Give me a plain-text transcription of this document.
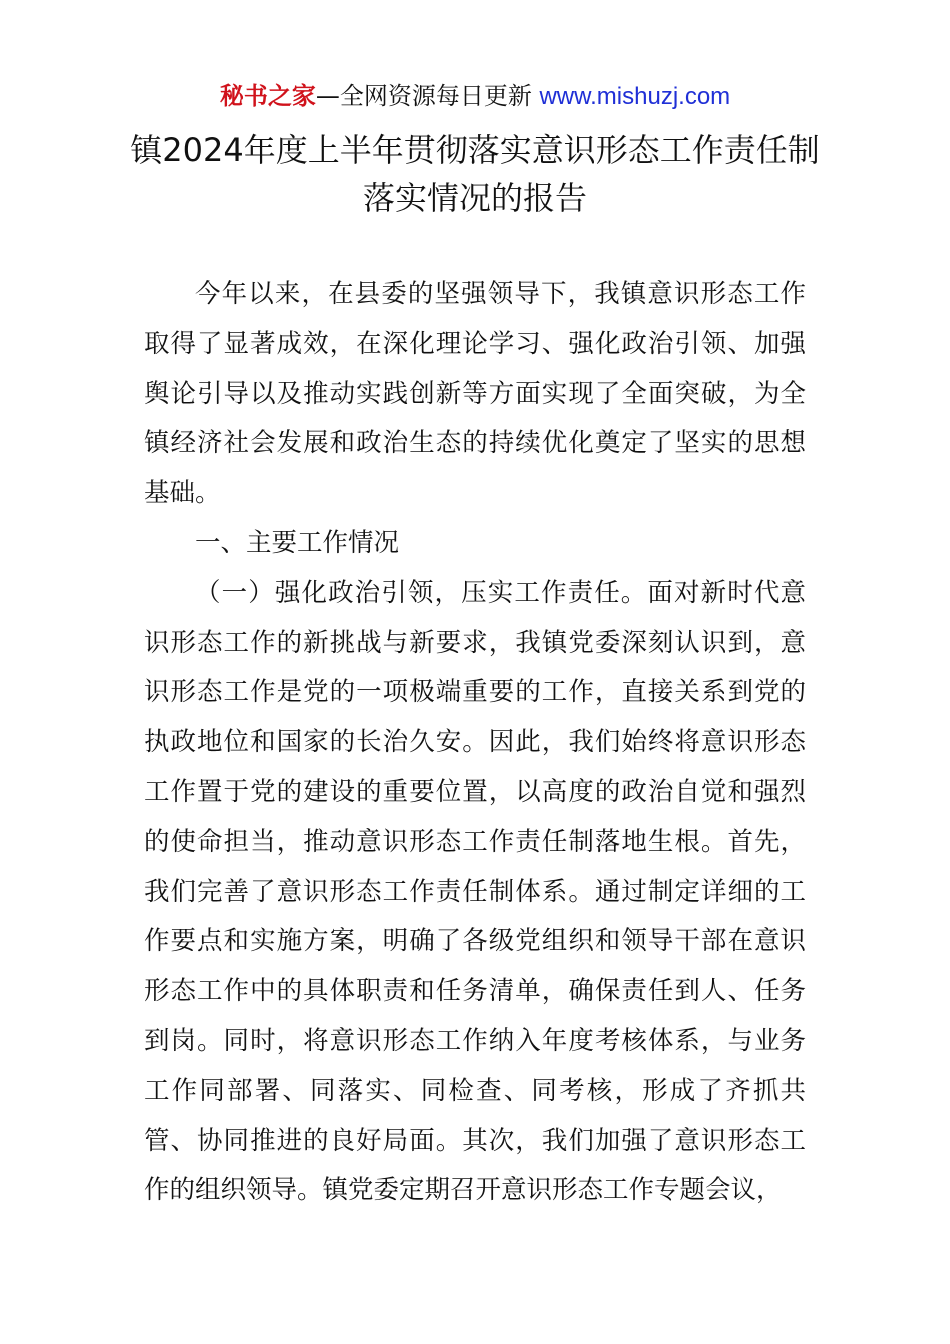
秘书之家—全网资源每日更新 www.mishuzj.com
镇2024年度上半年贯彻落实意识形态工作责任制落实情况的报告

今年以来，在县委的坚强领导下，我镇意识形态工作取得了显著成效，在深化理论学习、强化政治引领、加强舆论引导以及推动实践创新等方面实现了全面突破，为全镇经济社会发展和政治生态的持续优化奠定了坚实的思想基础。

一、主要工作情况

（一）强化政治引领，压实工作责任。面对新时代意识形态工作的新挑战与新要求，我镇党委深刻认识到，意识形态工作是党的一项极端重要的工作，直接关系到党的执政地位和国家的长治久安。因此，我们始终将意识形态工作置于党的建设的重要位置，以高度的政治自觉和强烈的使命担当，推动意识形态工作责任制落地生根。首先，我们完善了意识形态工作责任制体系。通过制定详细的工作要点和实施方案，明确了各级党组织和领导干部在意识形态工作中的具体职责和任务清单，确保责任到人、任务到岗。同时，将意识形态工作纳入年度考核体系，与业务工作同部署、同落实、同检查、同考核，形成了齐抓共管、协同推进的良好局面。其次，我们加强了意识形态工作的组织领导。镇党委定期召开意识形态工作专题会议，
